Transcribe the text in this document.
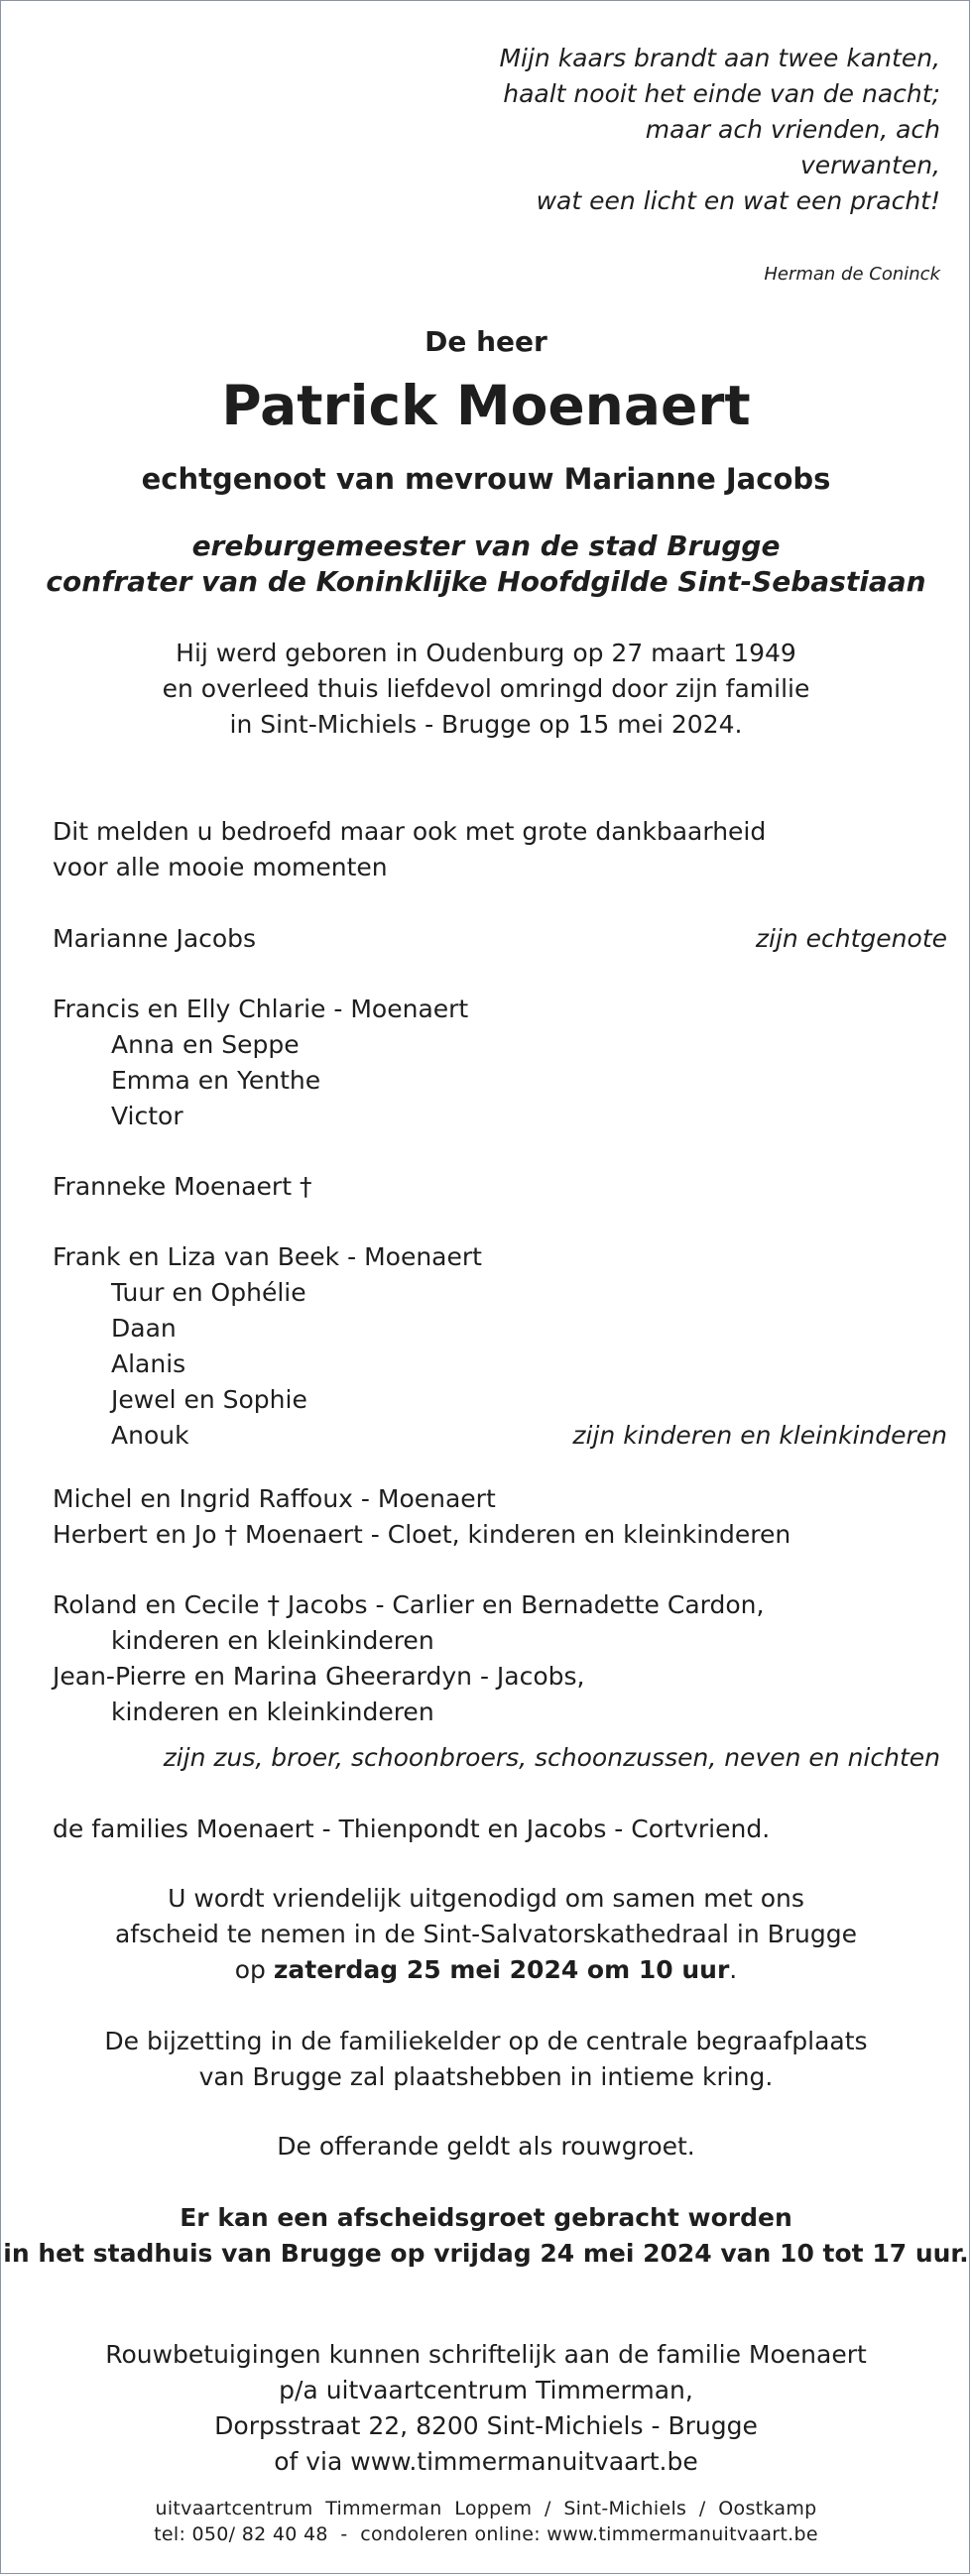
Mijn kaars brandt aan twee kanten,
haalt nooit het einde van de nacht;
maar ach vrienden, ach
verwanten,
wat een licht en wat een pracht!
Herman de Coninck
De heer
Patrick Moenaert
echtgenoot van mevrouw Marianne Jacobs
ereburgemeester van de stad Brugge
confrater van de Koninklijke Hoofdgilde Sint-Sebastiaan
Hij werd geboren in Oudenburg op 27 maart 1949
en overleed thuis liefdevol omringd door zijn familie
in Sint-Michiels - Brugge op 15 mei 2024.
Dit melden u bedroefd maar ook met grote dankbaarheid
voor alle mooie momenten
Marianne Jacobs	zijn echtgenote
Francis en Elly Chlarie - Moenaert
Anna en Seppe
Emma en Yenthe
Victor
Franneke Moenaert †
Frank en Liza van Beek - Moenaert
Tuur en Ophélie
Daan
Alanis
Jewel en Sophie
Anouk	zijn kinderen en kleinkinderen
Michel en Ingrid Raffoux - Moenaert
Herbert en Jo † Moenaert - Cloet, kinderen en kleinkinderen
Roland en Cecile † Jacobs - Carlier en Bernadette Cardon,
kinderen en kleinkinderen
Jean-Pierre en Marina Gheerardyn - Jacobs,
kinderen en kleinkinderen
zijn zus, broer, schoonbroers, schoonzussen, neven en nichten
de families Moenaert - Thienpondt en Jacobs - Cortvriend.
U wordt vriendelijk uitgenodigd om samen met ons
afscheid te nemen in de Sint-Salvatorskathedraal in Brugge
op zaterdag 25 mei 2024 om 10 uur.
De bijzetting in de familiekelder op de centrale begraafplaats
van Brugge zal plaatshebben in intieme kring.
De offerande geldt als rouwgroet.
Er kan een afscheidsgroet gebracht worden
in het stadhuis van Brugge op vrijdag 24 mei 2024 van 10 tot 17 uur.
Rouwbetuigingen kunnen schriftelijk aan de familie Moenaert
p/a uitvaartcentrum Timmerman,
Dorpsstraat 22, 8200 Sint-Michiels - Brugge
of via www.timmermanuitvaart.be
uitvaartcentrum  Timmerman  Loppem  /  Sint-Michiels  /  Oostkamp
tel: 050/ 82 40 48  -  condoleren online: www.timmermanuitvaart.be
